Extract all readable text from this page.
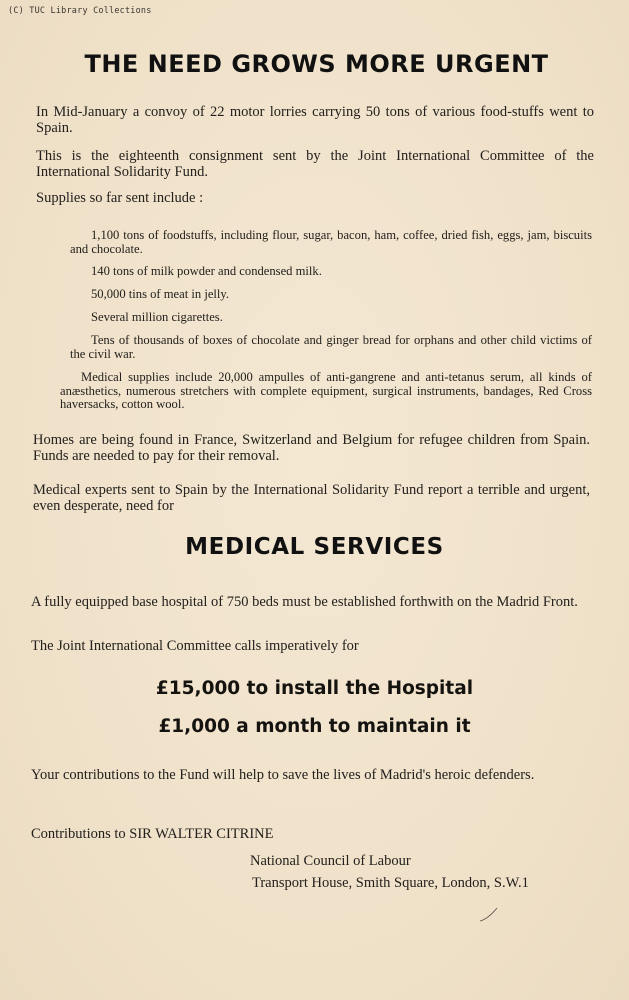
(C) TUC Library Collections
THE NEED GROWS MORE URGENT
In Mid-January a convoy of 22 motor lorries carrying 50 tons of various food-stuffs went to Spain.
This is the eighteenth consignment sent by the Joint International Committee of the International Solidarity Fund.
Supplies so far sent include :
1,100 tons of foodstuffs, including flour, sugar, bacon, ham, coffee, dried fish, eggs, jam, biscuits and chocolate.
140 tons of milk powder and condensed milk.
50,000 tins of meat in jelly.
Several million cigarettes.
Tens of thousands of boxes of chocolate and ginger bread for orphans and other child victims of the civil war.
Medical supplies include 20,000 ampulles of anti-gangrene and anti-tetanus serum, all kinds of anæsthetics, numerous stretchers with complete equipment, surgical instruments, bandages, Red Cross haversacks, cotton wool.
Homes are being found in France, Switzerland and Belgium for refugee children from Spain. Funds are needed to pay for their removal.
Medical experts sent to Spain by the International Solidarity Fund report a terrible and urgent, even desperate, need for
MEDICAL SERVICES
A fully equipped base hospital of 750 beds must be established forthwith on the Madrid Front.
The Joint International Committee calls imperatively for
£15,000 to install the Hospital
£1,000 a month to maintain it
Your contributions to the Fund will help to save the lives of Madrid's heroic defenders.
Contributions to SIR WALTER CITRINE
National Council of Labour
Transport House, Smith Square, London, S.W.1
